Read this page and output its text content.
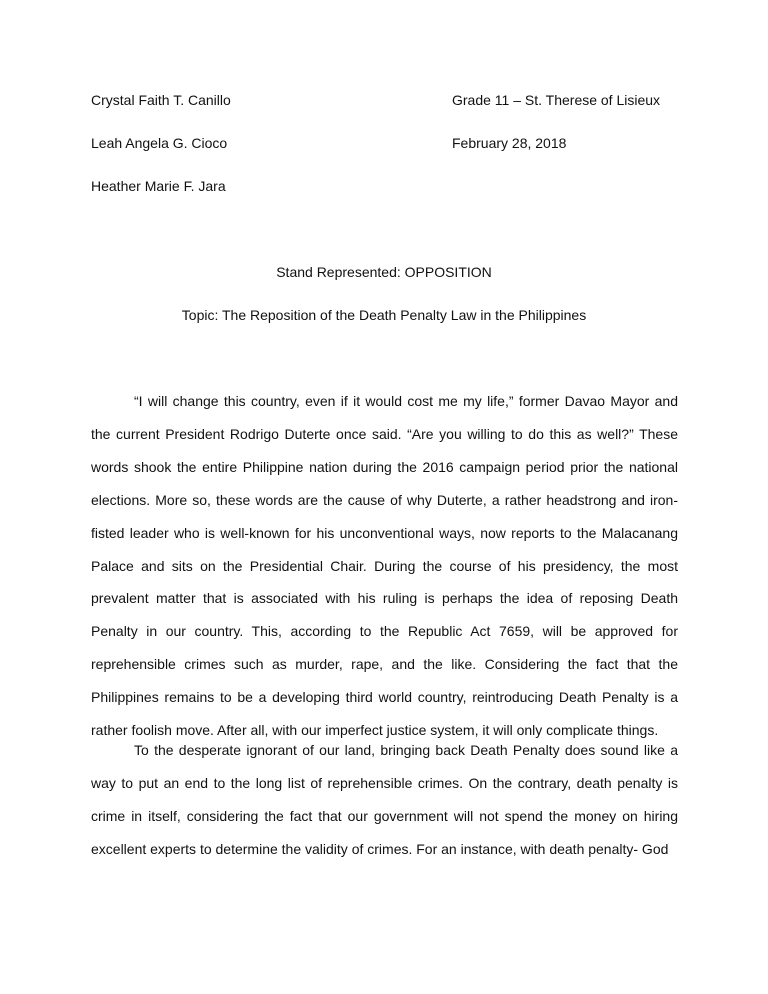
Crystal Faith T. Canillo	Grade 11 – St. Therese of Lisieux
Leah Angela G. Cioco	February 28, 2018
Heather Marie F. Jara
Stand Represented: OPPOSITION
Topic: The Reposition of the Death Penalty Law in the Philippines

“I will change this country, even if it would cost me my life,” former Davao Mayor and the current President Rodrigo Duterte once said. “Are you willing to do this as well?” These words shook the entire Philippine nation during the 2016 campaign period prior the national elections. More so, these words are the cause of why Duterte, a rather headstrong and iron-fisted leader who is well-known for his unconventional ways, now reports to the Malacanang Palace and sits on the Presidential Chair. During the course of his presidency, the most prevalent matter that is associated with his ruling is perhaps the idea of reposing Death Penalty in our country. This, according to the Republic Act 7659, will be approved for reprehensible crimes such as murder, rape, and the like. Considering the fact that the Philippines remains to be a developing third world country, reintroducing Death Penalty is a rather foolish move. After all, with our imperfect justice system, it will only complicate things.

To the desperate ignorant of our land, bringing back Death Penalty does sound like a way to put an end to the long list of reprehensible crimes. On the contrary, death penalty is crime in itself, considering the fact that our government will not spend the money on hiring excellent experts to determine the validity of crimes. For an instance, with death penalty- God
